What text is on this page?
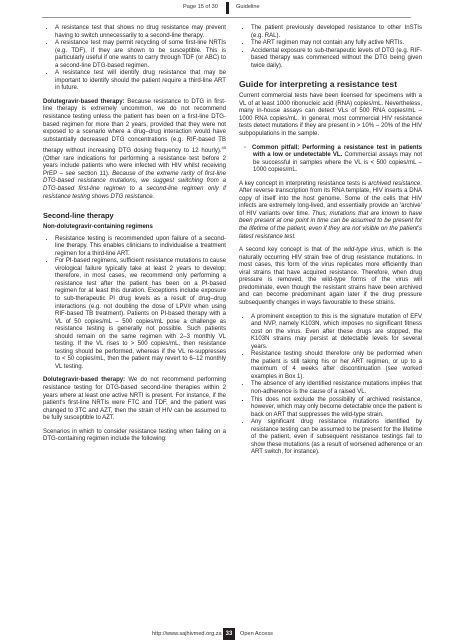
Page 15 of 30	Guideline
• A resistance test that shows no drug resistance may prevent having to switch unnecessarily to a second-line therapy.
• A resistance test may permit recycling of some first-line NRTIs (e.g. TDF), if they are shown to be susceptible. This is particularly useful if one wants to carry through TDF (or ABC) to a second-line DTG-based regimen.
• A resistance test will identify drug resistance that may be important to identify should the patient require a third-line ART in future.

Dolutegravir-based therapy: Because resistance to DTG in first-line therapy is extremely uncommon, we do not recommend resistance testing unless the patient has been on a first-line DTG-based regimen for more than 2 years, provided that they were not exposed to a scenario where a drug–drug interaction would have substantially decreased DTG concentrations (e.g. RIF-based TB therapy without increasing DTG dosing frequency to 12 hourly).$^{45}$ (Other rare indications for performing a resistance test before 2 years include patients who were infected with HIV whilst receiving PrEP – see section 11). Because of the extreme rarity of first-line DTG-based resistance mutations, we suggest switching from a DTG-based first-line regimen to a second-line regimen only if resistance testing shows DTG resistance.

Second-line therapy
Non-dolutegravir-containing regimens
• Resistance testing is recommended upon failure of a second-line therapy. This enables clinicians to individualise a treatment regimen for a third-line ART.
• For PI-based regimens, sufficient resistance mutations to cause virological failure typically take at least 2 years to develop; therefore, in most cases, we recommend only performing a resistance test after the patient has been on a PI-based regimen for at least this duration. Exceptions include exposure to sub-therapeutic PI drug levels as a result of drug–drug interactions (e.g. not doubling the dose of LPV/r when using RIF-based TB treatment). Patients on PI-based therapy with a VL of 50 copies/mL – 500 copies/mL pose a challenge as resistance testing is generally not possible. Such patients should remain on the same regimen with 2–3 monthly VL testing. If the VL rises to > 500 copies/mL, then resistance testing should be performed, whereas if the VL re-suppresses to < 50 copies/mL, then the patient may revert to 6–12 monthly VL testing.

Dolutegravir-based therapy: We do not recommend performing resistance testing for DTG-based second-line therapies within 2 years where at least one active NRTI is present. For instance, if the patient’s first-line NRTIs were FTC and TDF, and the patient was changed to 3TC and AZT, then the strain of HIV can be assumed to be fully susceptible to AZT.

Scenarios in which to consider resistance testing when failing on a DTG-containing regimen include the following:

• The patient previously developed resistance to other InSTIs (e.g. RAL).
• The ART regimen may not contain any fully active NRTIs.
• Accidental exposure to sub-therapeutic levels of DTG (e.g. RIF-based therapy was commenced without the DTG being given twice daily).
Guide for interpreting a resistance test

Current commercial tests have been licensed for specimens with a VL of at least 1000 ribonucleic acid (RNA) copies/mL. Nevertheless, many in-house assays can detect VLs of 500 RNA copies/mL – 1000 RNA copies/mL. In general, most commercial HIV resistance tests detect mutations if they are present in > 10% – 20% of the HIV subpopulations in the sample.

◦ Common pitfall: Performing a resistance test in patients with a low or undetectable VL. Commercial assays may not be successful in samples where the VL is < 500 copies/mL – 1000 copies/mL.

A key concept in interpreting resistance tests is archived resistance. After reverse transcription from its RNA template, HIV inserts a DNA copy of itself into the host genome. Some of the cells that HIV infects are extremely long-lived, and essentially provide an ‘archive’ of HIV variants over time. Thus, mutations that are known to have been present at one point in time can be assumed to be present for the lifetime of the patient, even if they are not visible on the patient’s latest resistance test.

A second key concept is that of the wild-type virus, which is the naturally occurring HIV strain free of drug resistance mutations. In most cases, this form of the virus replicates more efficiently than viral strains that have acquired resistance. Therefore, when drug pressure is removed, the wild-type forms of the virus will predominate, even though the resistant strains have been archived and can become predominant again later if the drug pressure subsequently changes in ways favourable to these strains.

• A prominent exception to this is the signature mutation of EFV and NVP, namely K103N, which imposes no significant fitness cost on the virus. Even after these drugs are stopped, the K103N strains may persist at detectable levels for several years.
• Resistance testing should therefore only be performed when the patient is still taking his or her ART regimen, or up to a maximum of 4 weeks after discontinuation (see worked examples in Box 1).
• The absence of any identified resistance mutations implies that non-adherence is the cause of a raised VL.
▪ This does not exclude the possibility of archived resistance, however, which may only become detectable once the patient is back on ART that suppresses the wild-type strain.
• Any significant drug resistance mutations identified by resistance testing can be assumed to be present for the lifetime of the patient, even if subsequent resistance testings fail to show these mutations (as a result of worsened adherence or an ART switch, for instance).
http://www.sajhivmed.org.za 33	Open Access
